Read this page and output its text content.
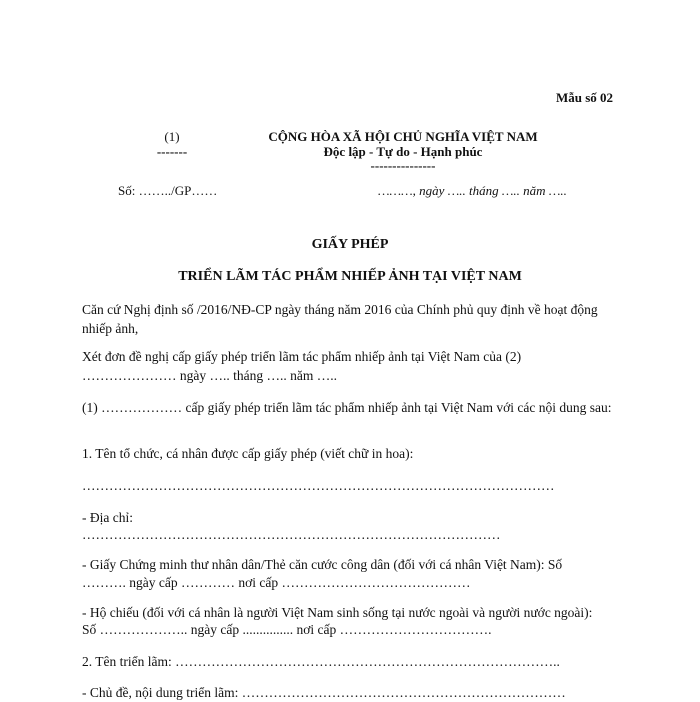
Mẫu số 02
(1)
-------
CỘNG HÒA XÃ HỘI CHỦ NGHĨA VIỆT NAM
Độc lập - Tự do - Hạnh phúc
---------------
Số: ……../GP……	………, ngày ….. tháng ….. năm …..
GIẤY PHÉP
TRIỂN LÃM TÁC PHẨM NHIẾP ẢNH TẠI VIỆT NAM
Căn cứ Nghị định số /2016/NĐ-CP ngày tháng năm 2016 của Chính phủ quy định về hoạt động nhiếp ảnh,
Xét đơn đề nghị cấp giấy phép triển lãm tác phẩm nhiếp ảnh tại Việt Nam của (2)
………………… ngày ….. tháng ….. năm …..
(1) ……………… cấp giấy phép triển lãm tác phẩm nhiếp ảnh tại Việt Nam với các nội dung sau:
1. Tên tổ chức, cá nhân được cấp giấy phép (viết chữ in hoa):
……………………………………………………………………………………………
- Địa chỉ:
…………………………………………………………………………………
- Giấy Chứng minh thư nhân dân/Thẻ căn cước công dân (đối với cá nhân Việt Nam): Số
………. ngày cấp ………… nơi cấp ……………………………………
- Hộ chiếu (đối với cá nhân là người Việt Nam sinh sống tại nước ngoài và người nước ngoài):
Số ……………….. ngày cấp ............... nơi cấp …………………………….
2. Tên triển lãm: …………………………………………………………………………..
- Chủ đề, nội dung triển lãm: ………………………………………………………………
